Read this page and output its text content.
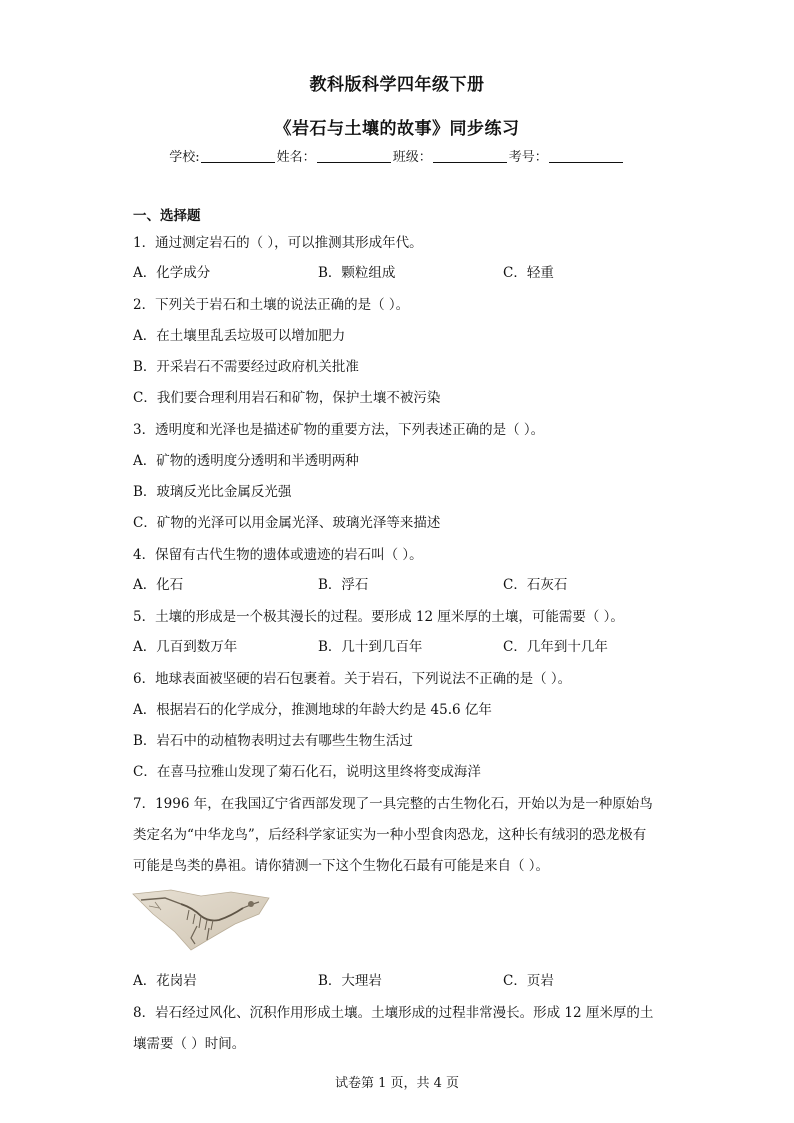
教科版科学四年级下册
《岩石与土壤的故事》同步练习
学校:	姓名：	班级：	考号：
一、选择题
1．通过测定岩石的（ ），可以推测其形成年代。
A．化学成分	B．颗粒组成	C．轻重
2．下列关于岩石和土壤的说法正确的是（ ）。
A．在土壤里乱丢垃圾可以增加肥力
B．开采岩石不需要经过政府机关批准
C．我们要合理利用岩石和矿物，保护土壤不被污染
3．透明度和光泽也是描述矿物的重要方法，下列表述正确的是（ ）。
A．矿物的透明度分透明和半透明两种
B．玻璃反光比金属反光强
C．矿物的光泽可以用金属光泽、玻璃光泽等来描述
4．保留有古代生物的遗体或遗迹的岩石叫（ ）。
A．化石	B．浮石	C．石灰石
5．土壤的形成是一个极其漫长的过程。要形成 12 厘米厚的土壤，可能需要（ ）。
A．几百到数万年	B．几十到几百年	C．几年到十几年
6．地球表面被坚硬的岩石包裹着。关于岩石，下列说法不正确的是（ ）。
A．根据岩石的化学成分，推测地球的年龄大约是 45.6 亿年
B．岩石中的动植物表明过去有哪些生物生活过
C．在喜马拉雅山发现了菊石化石，说明这里终将变成海洋
7．1996 年，在我国辽宁省西部发现了一具完整的古生物化石，开始以为是一种原始鸟
类定名为“中华龙鸟”，后经科学家证实为一种小型食肉恐龙，这种长有绒羽的恐龙极有
可能是鸟类的鼻祖。请你猜测一下这个生物化石最有可能是来自（ ）。
A．花岗岩	B．大理岩	C．页岩
8．岩石经过风化、沉积作用形成土壤。土壤形成的过程非常漫长。形成 12 厘米厚的土
壤需要（ ）时间。
试卷第 1 页，共 4 页
